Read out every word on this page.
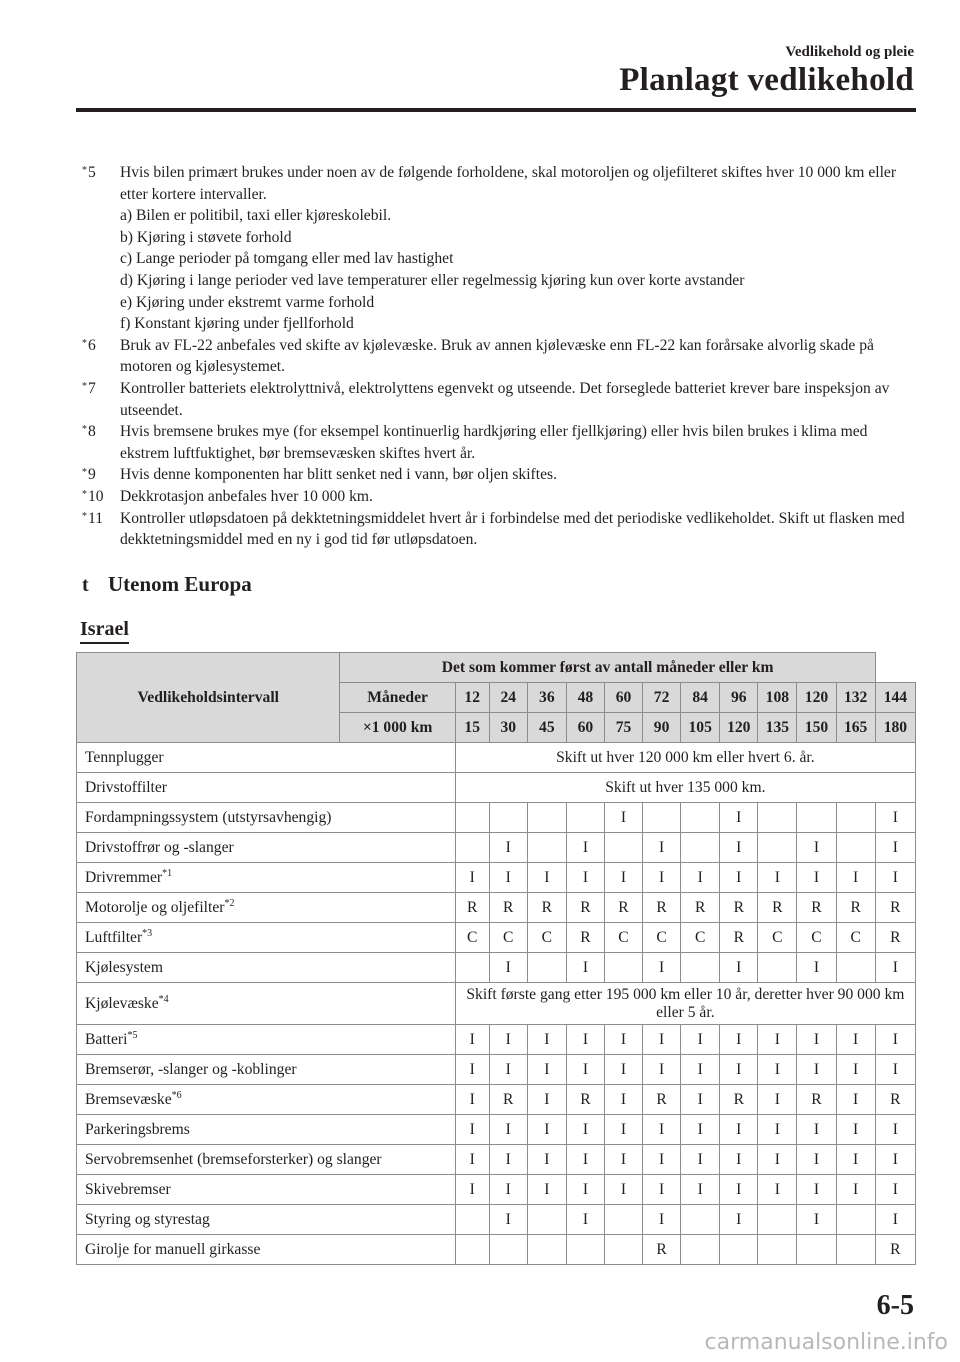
Vedlikehold og pleie
Planlagt vedlikehold
*5 Hvis bilen primært brukes under noen av de følgende forholdene, skal motoroljen og oljefilteret skiftes hver 10 000 km eller etter kortere intervaller.
a) Bilen er politibil, taxi eller kjøreskolebil.
b) Kjøring i støvete forhold
c) Lange perioder på tomgang eller med lav hastighet
d) Kjøring i lange perioder ved lave temperaturer eller regelmessig kjøring kun over korte avstander
e) Kjøring under ekstremt varme forhold
f) Konstant kjøring under fjellforhold
*6 Bruk av FL-22 anbefales ved skifte av kjølevæske. Bruk av annen kjølevæske enn FL-22 kan forårsake alvorlig skade på motoren og kjølesystemet.
*7 Kontroller batteriets elektrolyttnivå, elektrolyttens egenvekt og utseende. Det forseglede batteriet krever bare inspeksjon av utseendet.
*8 Hvis bremsene brukes mye (for eksempel kontinuerlig hardkjøring eller fjellkjøring) eller hvis bilen brukes i klima med ekstrem luftfuktighet, bør bremsevæsken skiftes hvert år.
*9 Hvis denne komponenten har blitt senket ned i vann, bør oljen skiftes.
*10 Dekkrotasjon anbefales hver 10 000 km.
*11 Kontroller utløpsdatoen på dekktetningsmiddelet hvert år i forbindelse med det periodiske vedlikeholdet. Skift ut flasken med dekktetningsmiddel med en ny i god tid før utløpsdatoen.
t Utenom Europa
Israel
Vedlikeholdsintervall	Det som kommer først av antall måneder eller km												
	Måneder	12	24	36	48	60	72	84	96	108	120	132	144
	×1 000 km	15	30	45	60	75	90	105	120	135	150	165	180
Tennplugger		Skift ut hver 120 000 km eller hvert 6. år.											
Drivstoffilter		Skift ut hver 135 000 km.											
Fordampningssystem (utstyrsavhengig)						I			I				I
Drivstoffrør og -slanger			I		I		I		I		I		I
Drivremmer$^{*1}$		I	I	I	I	I	I	I	I	I	I	I	I
Motorolje og oljefilter$^{*2}$		R	R	R	R	R	R	R	R	R	R	R	R
Luftfilter$^{*3}$		C	C	C	R	C	C	C	R	C	C	C	R
Kjølesystem			I		I		I		I		I		I
Kjølevæske$^{*4}$		Skift første gang etter 195 000 km eller 10 år, deretter hver 90 000 km eller 5 år.											
Batteri$^{*5}$		I	I	I	I	I	I	I	I	I	I	I	I
Bremserør, -slanger og -koblinger		I	I	I	I	I	I	I	I	I	I	I	I
Bremsevæske$^{*6}$		I	R	I	R	I	R	I	R	I	R	I	R
Parkeringsbrems		I	I	I	I	I	I	I	I	I	I	I	I
Servobremsenhet (bremseforsterker) og slanger		I	I	I	I	I	I	I	I	I	I	I	I
Skivebremser		I	I	I	I	I	I	I	I	I	I	I	I
Styring og styrestag			I		I		I		I		I		I
Girolje for manuell girkasse							R						R
6-5
carmanualsonline.info
